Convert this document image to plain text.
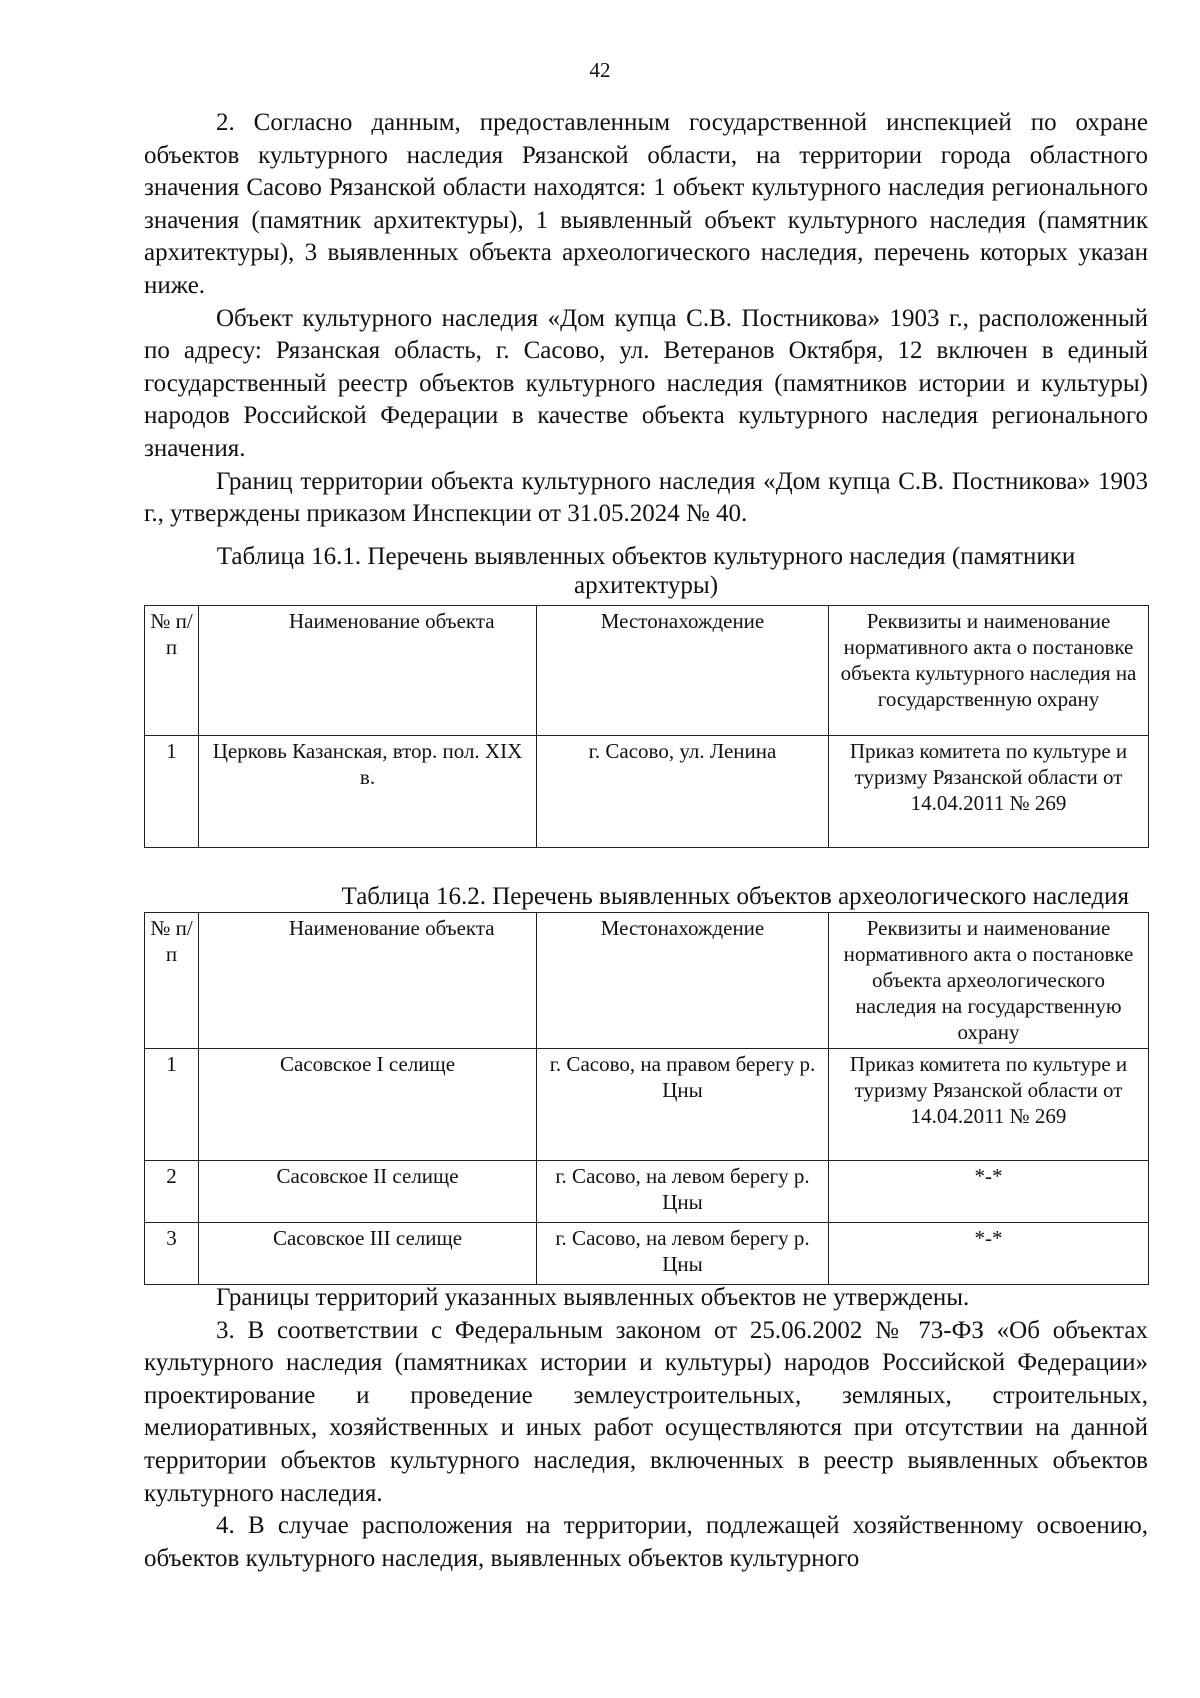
42

2. Согласно данным, предоставленным государственной инспекцией по охране объектов культурного наследия Рязанской области, на территории города областного значения Сасово Рязанской области находятся: 1 объект культурного наследия регионального значения (памятник архитектуры), 1 выявленный объект культурного наследия (памятник архитектуры), 3 выявленных объекта археологического наследия, перечень которых указан ниже.

Объект культурного наследия «Дом купца С.В. Постникова» 1903 г., расположенный по адресу: Рязанская область, г. Сасово, ул. Ветеранов Октября, 12 включен в единый государственный реестр объектов культурного наследия (памятников истории и культуры) народов Российской Федерации в качестве объекта культурного наследия регионального значения.

Границ территории объекта культурного наследия «Дом купца С.В. Постникова» 1903 г., утверждены приказом Инспекции от 31.05.2024 № 40.

Таблица 16.1. Перечень выявленных объектов культурного наследия (памятники архитектуры)
№ п/п	Наименование объекта	Местонахождение	Реквизиты и наименование нормативного акта о постановке объекта культурного наследия на государственную охрану
1	Церковь Казанская, втор. пол. XIX в.	г. Сасово, ул. Ленина	Приказ комитета по культуре и туризму Рязанской области от 14.04.2011 № 269
Таблица 16.2. Перечень выявленных объектов археологического наследия
№ п/п	Наименование объекта	Местонахождение	Реквизиты и наименование нормативного акта о постановке объекта археологического наследия на государственную охрану
1	Сасовское I селище	г. Сасово, на правом берегу р. Цны	Приказ комитета по культуре и туризму Рязанской области от 14.04.2011 № 269
2	Сасовское II селище	г. Сасово, на левом берегу р. Цны	*-*
3	Сасовское III селище	г. Сасово, на левом берегу р. Цны	*-*

Границы территорий указанных выявленных объектов не утверждены.

3. В соответствии с Федеральным законом от 25.06.2002 № 73-ФЗ «Об объектах культурного наследия (памятниках истории и культуры) народов Российской Федерации» проектирование и проведение землеустроительных, земляных, строительных, мелиоративных, хозяйственных и иных работ осуществляются при отсутствии на данной территории объектов культурного наследия, включенных в реестр выявленных объектов культурного наследия.

4. В случае расположения на территории, подлежащей хозяйственному освоению, объектов культурного наследия, выявленных объектов культурного
